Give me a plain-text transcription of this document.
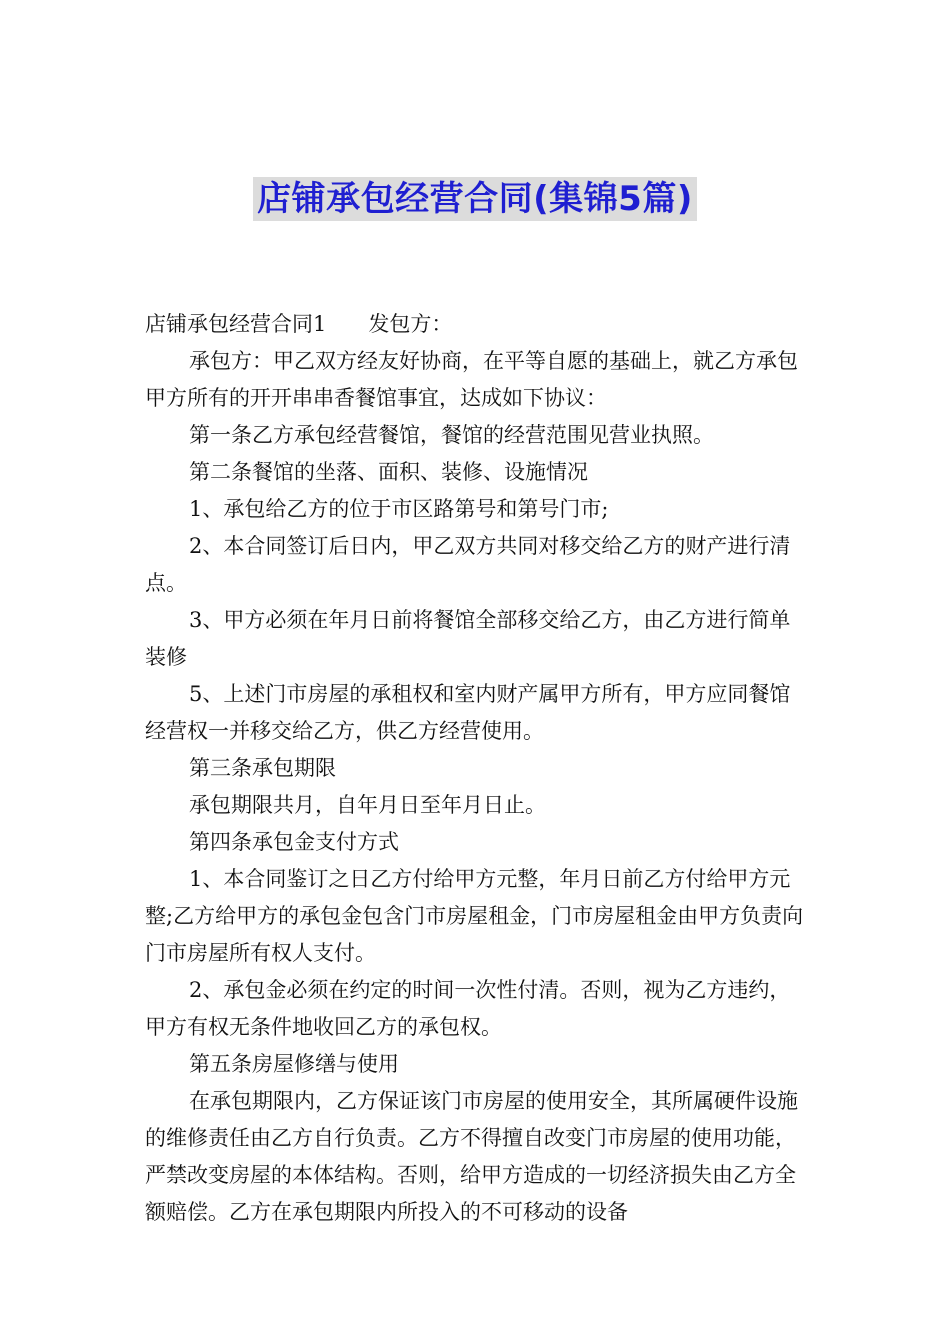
店铺承包经营合同(集锦5篇)

店铺承包经营合同1 发包方：

承包方：甲乙双方经友好协商，在平等自愿的基础上，就乙方承包甲方所有的开开串串香餐馆事宜，达成如下协议：

第一条乙方承包经营餐馆，餐馆的经营范围见营业执照。

第二条餐馆的坐落、面积、装修、设施情况

1、承包给乙方的位于市区路第号和第号门市;

2、本合同签订后日内，甲乙双方共同对移交给乙方的财产进行清点。

3、甲方必须在年月日前将餐馆全部移交给乙方，由乙方进行简单装修

5、上述门市房屋的承租权和室内财产属甲方所有，甲方应同餐馆经营权一并移交给乙方，供乙方经营使用。

第三条承包期限

承包期限共月，自年月日至年月日止。

第四条承包金支付方式

1、本合同鉴订之日乙方付给甲方元整，年月日前乙方付给甲方元整;乙方给甲方的承包金包含门市房屋租金，门市房屋租金由甲方负责向门市房屋所有权人支付。

2、承包金必须在约定的时间一次性付清。否则，视为乙方违约，甲方有权无条件地收回乙方的承包权。

第五条房屋修缮与使用

在承包期限内，乙方保证该门市房屋的使用安全，其所属硬件设施的维修责任由乙方自行负责。乙方不得擅自改变门市房屋的使用功能，严禁改变房屋的本体结构。否则，给甲方造成的一切经济损失由乙方全额赔偿。乙方在承包期限内所投入的不可移动的设备
